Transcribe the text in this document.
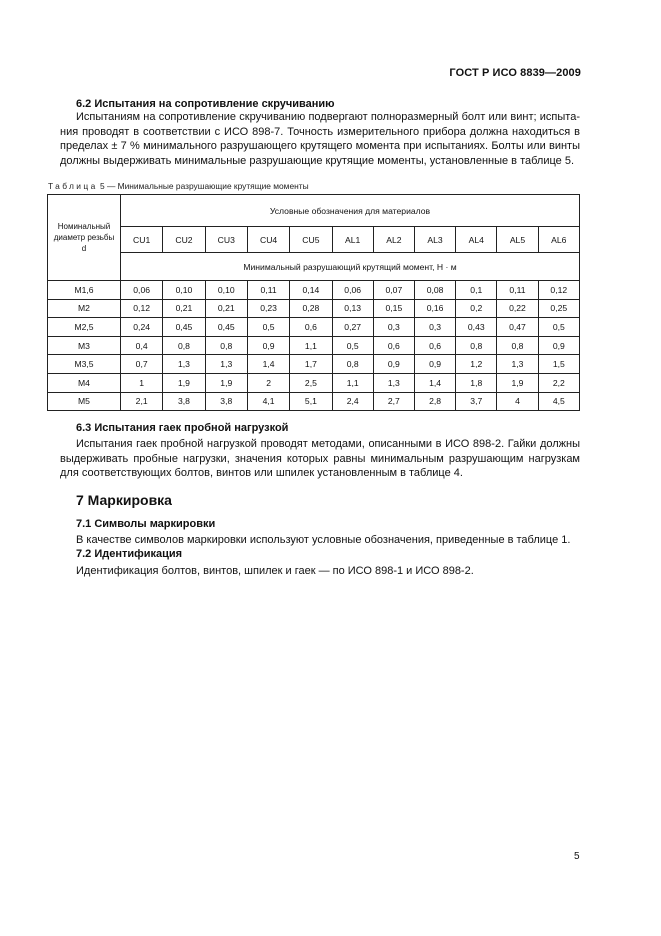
ГОСТ Р ИСО 8839—2009
6.2 Испытания на сопротивление скручиванию
Испытаниям на сопротивление скручиванию подвергают полноразмерный болт или винт; испыта-ния проводят в соответствии с ИСО 898-7. Точность измерительного прибора должна находиться в пределах ± 7 % минимального разрушающего крутящего момента при испытаниях. Болты или винты должны выдерживать минимальные разрушающие крутящие моменты, установленные в таблице 5.
Таблица 5 — Минимальные разрушающие крутящие моменты
Номинальный диаметр резьбы d	Условные обозначения для материалов										
	CU1	CU2	CU3	CU4	CU5	AL1	AL2	AL3	AL4	AL5	AL6
	Минимальный разрушающий крутящий момент, Н · м										
M1,6	0,06	0,10	0,10	0,11	0,14	0,06	0,07	0,08	0,1	0,11	0,12
M2	0,12	0,21	0,21	0,23	0,28	0,13	0,15	0,16	0,2	0,22	0,25
M2,5	0,24	0,45	0,45	0,5	0,6	0,27	0,3	0,3	0,43	0,47	0,5
M3	0,4	0,8	0,8	0,9	1,1	0,5	0,6	0,6	0,8	0,8	0,9
M3,5	0,7	1,3	1,3	1,4	1,7	0,8	0,9	0,9	1,2	1,3	1,5
M4	1	1,9	1,9	2	2,5	1,1	1,3	1,4	1,8	1,9	2,2
M5	2,1	3,8	3,8	4,1	5,1	2,4	2,7	2,8	3,7	4	4,5
6.3 Испытания гаек пробной нагрузкой
Испытания гаек пробной нагрузкой проводят методами, описанными в ИСО 898-2. Гайки должны выдерживать пробные нагрузки, значения которых равны минимальным разрушающим нагрузкам для соответствующих болтов, винтов или шпилек установленным в таблице 4.
7 Маркировка
7.1 Символы маркировки
В качестве символов маркировки используют условные обозначения, приведенные в таблице 1.
7.2 Идентификация
Идентификация болтов, винтов, шпилек и гаек — по ИСО 898-1 и ИСО 898-2.
5
